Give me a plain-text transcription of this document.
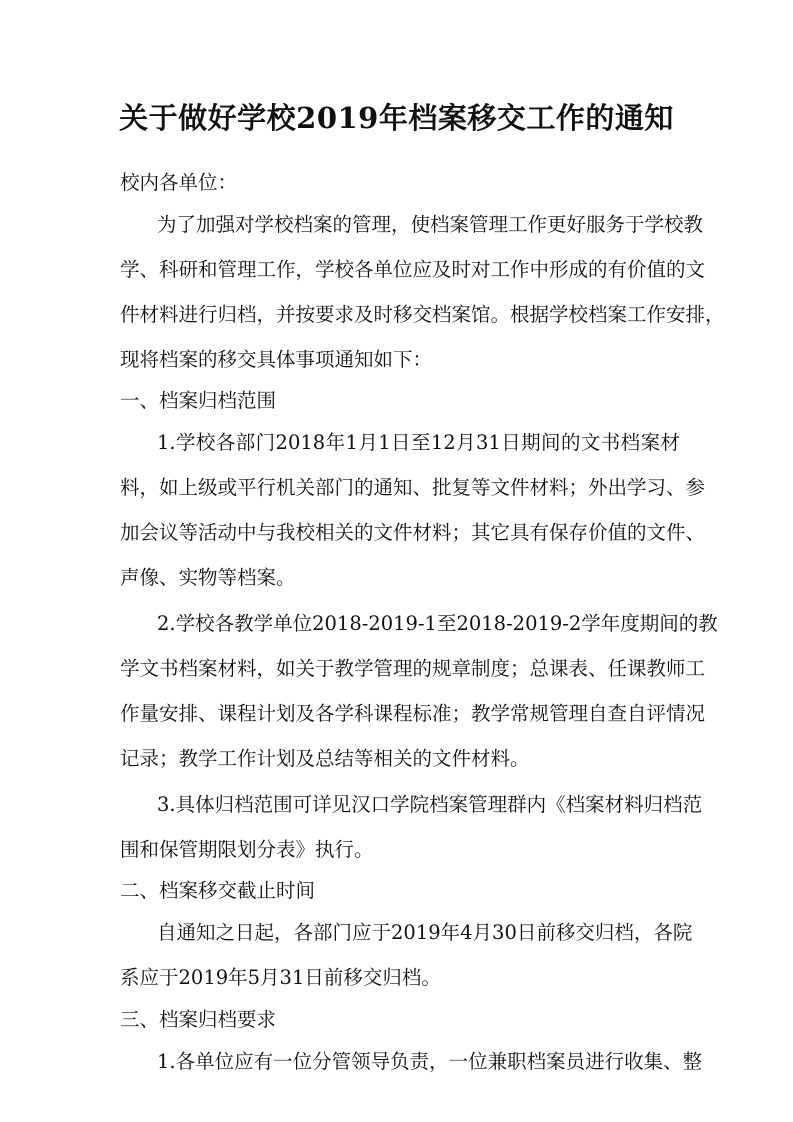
关于做好学校2019年档案移交工作的通知

校内各单位：

为了加强对学校档案的管理，使档案管理工作更好服务于学校教

学、科研和管理工作，学校各单位应及时对工作中形成的有价值的文

件材料进行归档，并按要求及时移交档案馆。根据学校档案工作安排，

现将档案的移交具体事项通知如下：

一、档案归档范围

1.学校各部门2018年1月1日至12月31日期间的文书档案材

料，如上级或平行机关部门的通知、批复等文件材料；外出学习、参

加会议等活动中与我校相关的文件材料；其它具有保存价值的文件、

声像、实物等档案。

2.学校各教学单位2018-2019-1至2018-2019-2学年度期间的教

学文书档案材料，如关于教学管理的规章制度；总课表、任课教师工

作量安排、课程计划及各学科课程标准；教学常规管理自查自评情况

记录；教学工作计划及总结等相关的文件材料。

3.具体归档范围可详见汉口学院档案管理群内《档案材料归档范

围和保管期限划分表》执行。

二、档案移交截止时间

自通知之日起，各部门应于2019年4月30日前移交归档，各院

系应于2019年5月31日前移交归档。

三、档案归档要求

1.各单位应有一位分管领导负责，一位兼职档案员进行收集、整
